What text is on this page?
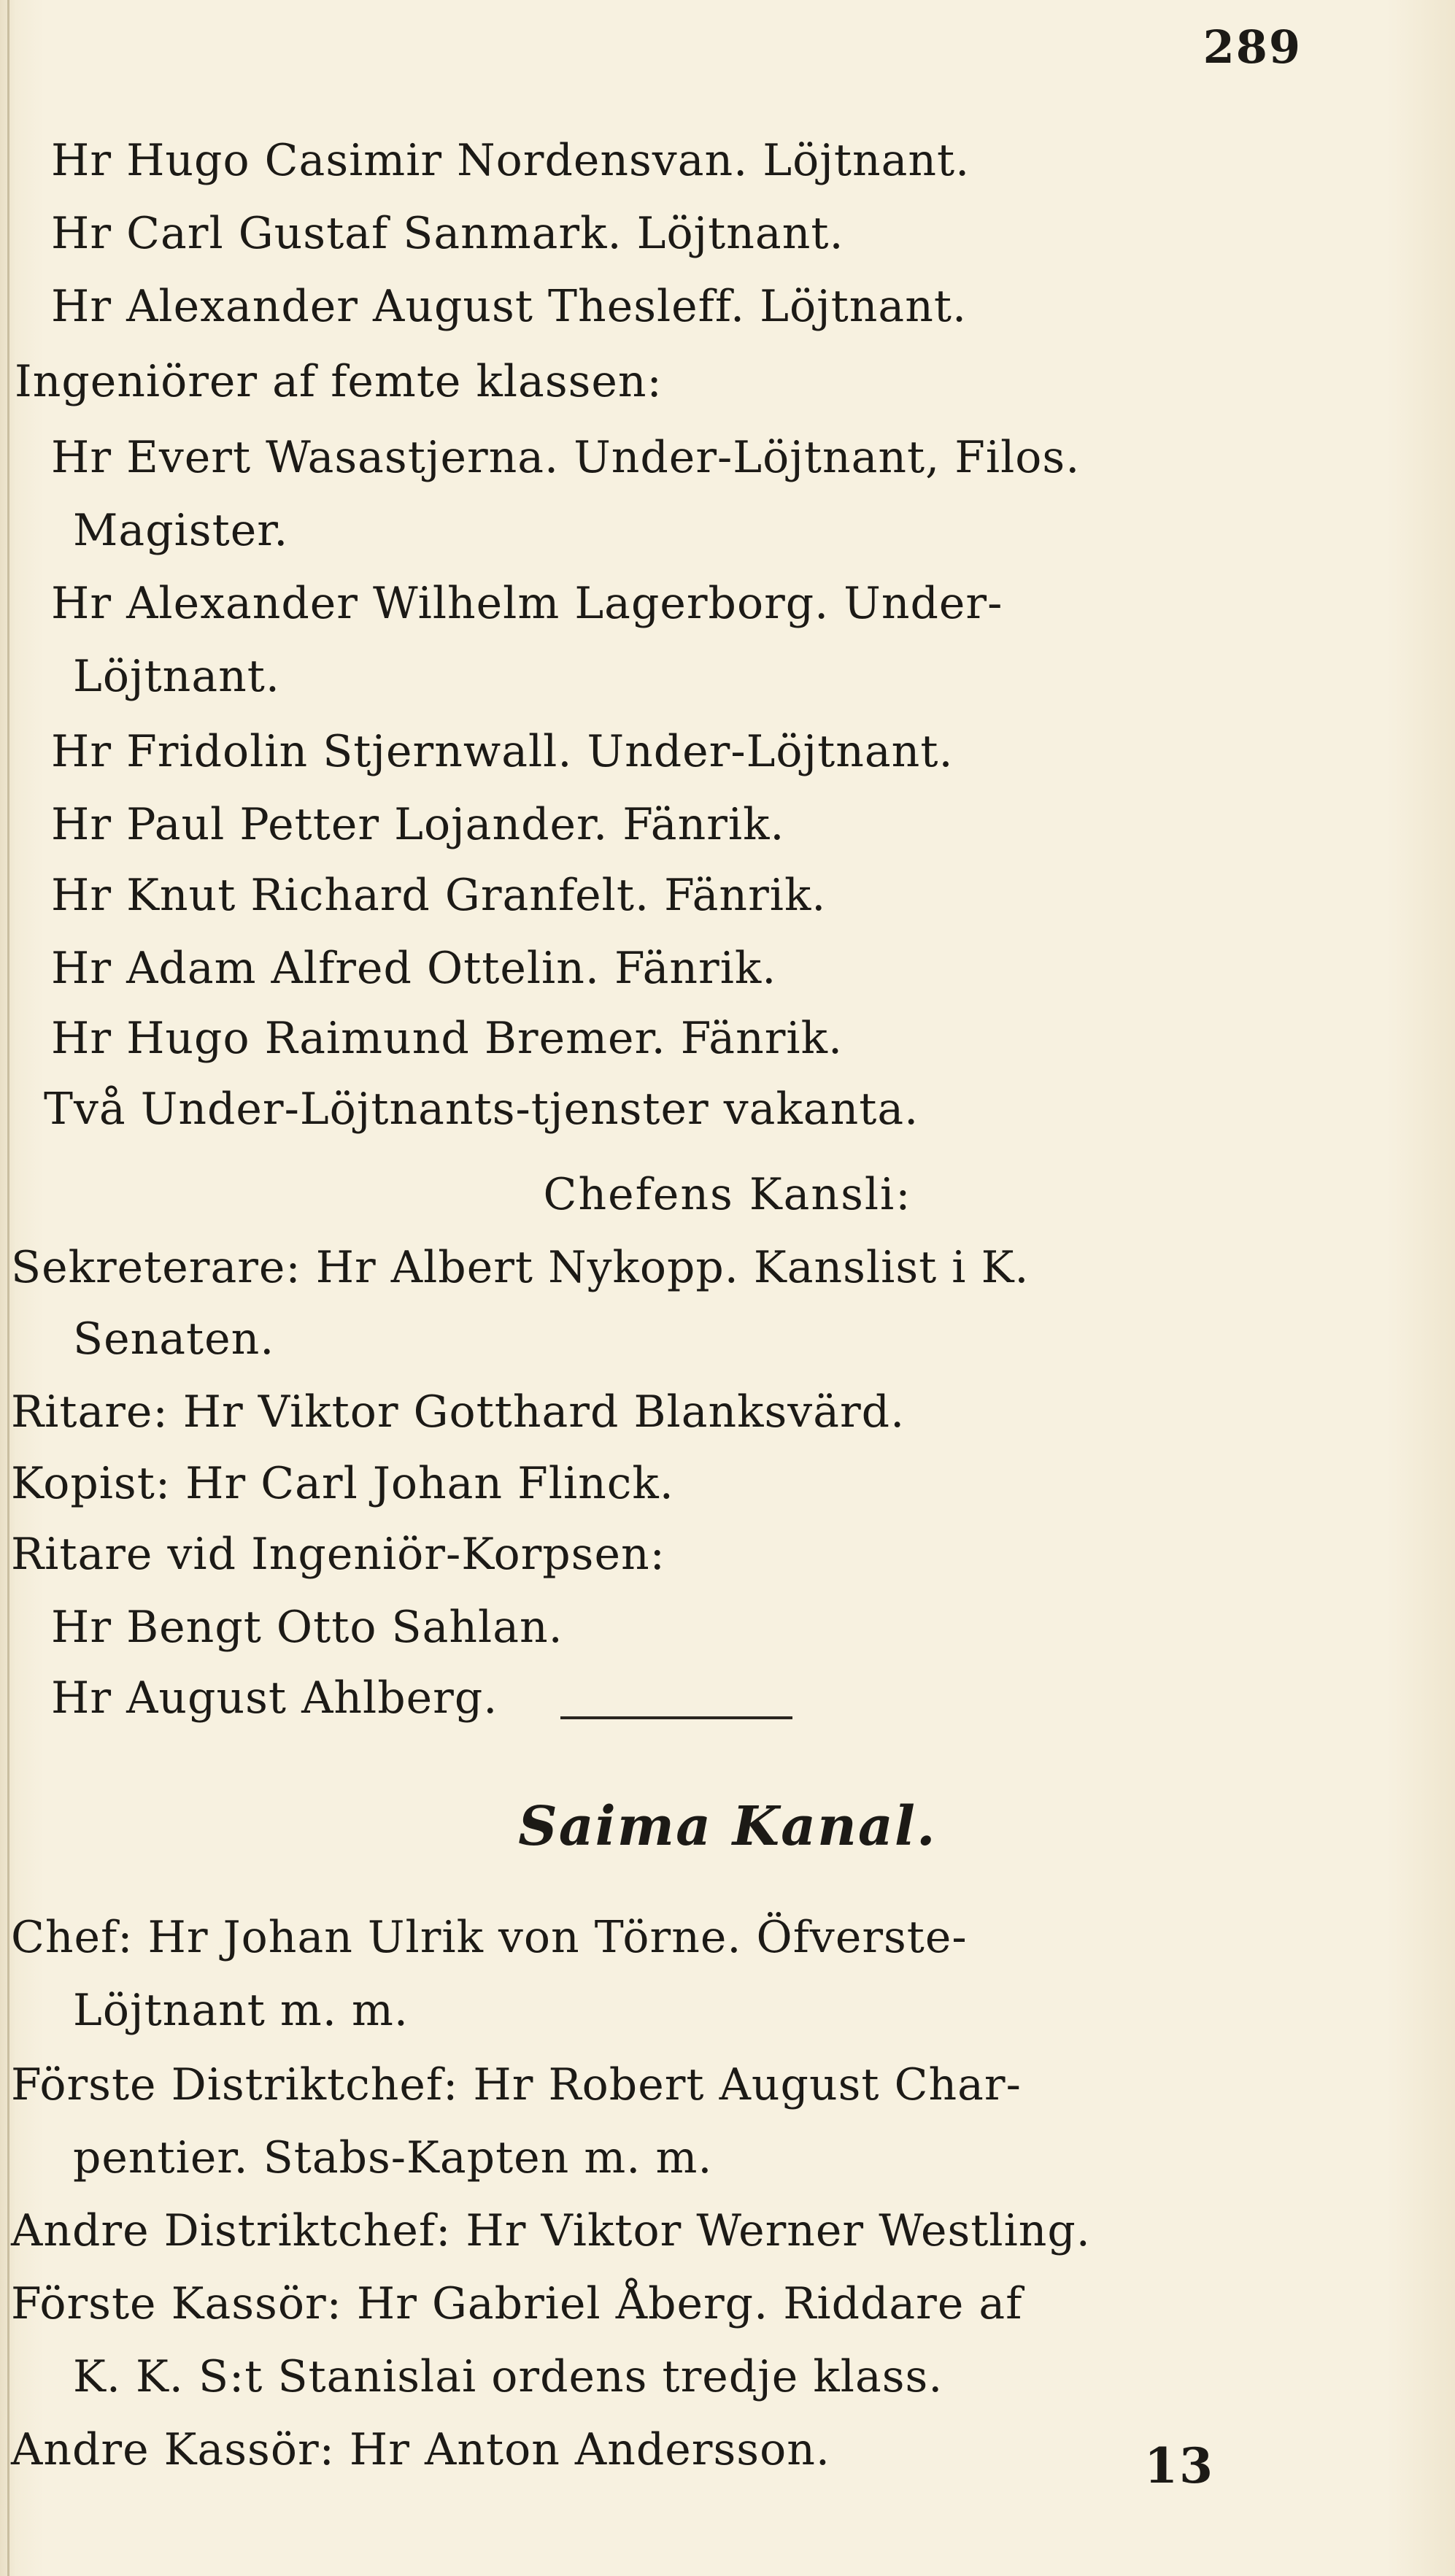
289
Hr Hugo Casimir Nordensvan. Löjtnant.
Hr Carl Gustaf Sanmark. Löjtnant.
Hr Alexander August Thesleff. Löjtnant.
Ingeniörer af femte klassen:
Hr Evert Wasastjerna. Under-Löjtnant, Filos.
Magister.
Hr Alexander Wilhelm Lagerborg. Under-
Löjtnant.
Hr Fridolin Stjernwall. Under-Löjtnant.
Hr Paul Petter Lojander. Fänrik.
Hr Knut Richard Granfelt. Fänrik.
Hr Adam Alfred Ottelin. Fänrik.
Hr Hugo Raimund Bremer. Fänrik.
Två Under-Löjtnants-tjenster vakanta.
Chefens Kansli:
Sekreterare: Hr Albert Nykopp. Kanslist i K.
Senaten.
Ritare: Hr Viktor Gotthard Blanksvärd.
Kopist: Hr Carl Johan Flinck.
Ritare vid Ingeniör-Korpsen:
Hr Bengt Otto Sahlan.
Hr August Ahlberg.
Saima Kanal.
Chef: Hr Johan Ulrik von Törne. Öfverste-
Löjtnant m. m.
Förste Distriktchef: Hr Robert August Char-
pentier. Stabs-Kapten m. m.
Andre Distriktchef: Hr Viktor Werner Westling.
Förste Kassör: Hr Gabriel Åberg. Riddare af
K. K. S:t Stanislai ordens tredje klass.
Andre Kassör: Hr Anton Andersson.	13
